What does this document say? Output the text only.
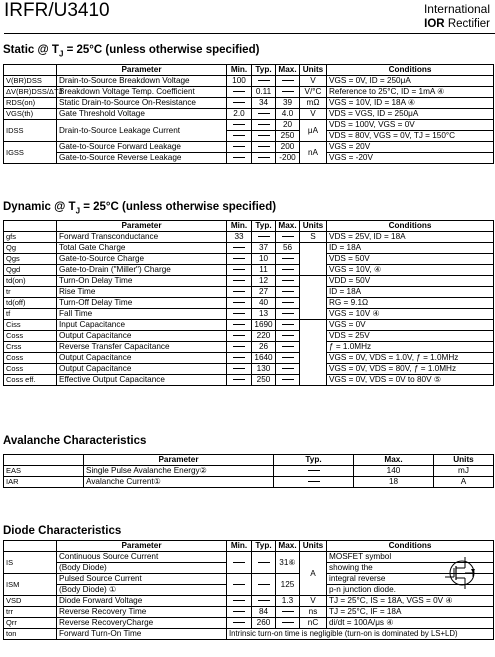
IRFR/U3410	International
IOR Rectifier
Static @ $T_J = 25^\circ C$ (unless otherwise specified)
	Parameter	Min.	Typ.	Max.	Units	Conditions
V(BR)DSS	Drain-to-Source Breakdown Voltage	100			V	VGS = 0V, ID = 250μA
ΔV(BR)DSS/ΔTJ	Breakdown Voltage Temp. Coefficient		0.11		V/°C	Reference to 25°C, ID = 1mA ④
RDS(on)	Static Drain-to-Source On-Resistance		34	39	mΩ	VGS = 10V, ID = 18A ④
VGS(th)	Gate Threshold Voltage	2.0		4.0	V	VDS = VGS, ID = 250μA
IDSS	Drain-to-Source Leakage Current			20	μA	VDS = 100V, VGS = 0V
				250		VDS = 80V, VGS = 0V, TJ = 150°C
IGSS	Gate-to-Source Forward Leakage			200	nA	VGS = 20V
	Gate-to-Source Reverse Leakage			-200		VGS = -20V
Dynamic @ $T_J = 25^\circ C$ (unless otherwise specified)
	Parameter	Min.	Typ.	Max.	Units	Conditions
gfs	Forward Transconductance	33			S	VDS = 25V, ID = 18A
Qg	Total Gate Charge		37	56		ID = 18A
Qgs	Gate-to-Source Charge		10			VDS = 50V
Qgd	Gate-to-Drain ("Miller") Charge		11			VGS = 10V, ④
td(on)	Turn-On Delay Time		12			VDD = 50V
tr	Rise Time		27			ID = 18A
td(off)	Turn-Off Delay Time		40			RG = 9.1Ω
tf	Fall Time		13			VGS = 10V ④
Ciss	Input Capacitance		1690			VGS = 0V
Coss	Output Capacitance		220			VDS = 25V
Crss	Reverse Transfer Capacitance		26			ƒ = 1.0MHz
Coss	Output Capacitance		1640			VGS = 0V, VDS = 1.0V, ƒ = 1.0MHz
Coss	Output Capacitance		130			VGS = 0V, VDS = 80V, ƒ = 1.0MHz
Coss eff.	Effective Output Capacitance		250			VGS = 0V, VDS = 0V to 80V ⑤
Avalanche Characteristics
	Parameter	Typ.	Max.	Units
EAS	Single Pulse Avalanche Energy②		140	mJ
IAR	Avalanche Current①		18	A
Diode Characteristics
	Parameter	Min.	Typ.	Max.	Units	Conditions
IS	Continuous Source Current			31⑥	A	MOSFET symbol
	(Body Diode)					showing the
ISM	Pulsed Source Current			125		integral reverse
	(Body Diode) ①					p-n junction diode.
VSD	Diode Forward Voltage			1.3	V	TJ = 25°C, IS = 18A, VGS = 0V ④
trr	Reverse Recovery Time		84		ns	TJ = 25°C, IF = 18A
Qrr	Reverse RecoveryCharge		260		nC	di/dt = 100A/μs ④
ton	Forward Turn-On Time	Intrinsic turn-on time is negligible (turn-on is dominated by LS+LD)				
